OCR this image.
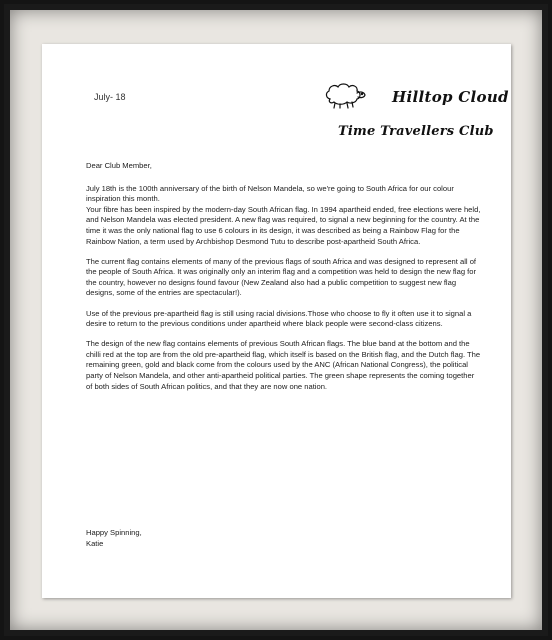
July- 18	Hilltop Cloud
Time Travellers Club

Dear Club Member,

July 18th is the 100th anniversary of the birth of Nelson Mandela, so we're going to South Africa for our colour inspiration this month.

Your fibre has been inspired by the modern-day South African flag. In 1994 apartheid ended, free elections were held, and Nelson Mandela was elected president. A new flag was required, to signal a new beginning for the country. At the time it was the only national flag to use 6 colours in its design, it was described as being a Rainbow Flag for the Rainbow Nation, a term used by Archbishop Desmond Tutu to describe post-apartheid South Africa.

The current flag contains elements of many of the previous flags of south Africa and was designed to represent all of the people of South Africa. It was originally only an interim flag and a competition was held to design the new flag for the country, however no designs found favour (New Zealand also had a public competition to suggest new flag designs, some of the entries are spectacular!).

Use of the previous pre-apartheid flag is still using racial divisions.Those who choose to fly it often use it to signal a desire to return to the previous conditions under apartheid where black people were second-class citizens.

The design of the new flag contains elements of previous South African flags. The blue band at the bottom and the chilli red at the top are from the old pre-apartheid flag, which itself is based on the British flag, and the Dutch flag. The remaining green, gold and black come from the colours used by the ANC (African National Congress), the political party of Nelson Mandela, and other anti-apartheid political parties. The green shape represents the coming together of both sides of South African politics, and that they are now one nation.

Happy Spinning,
Katie
